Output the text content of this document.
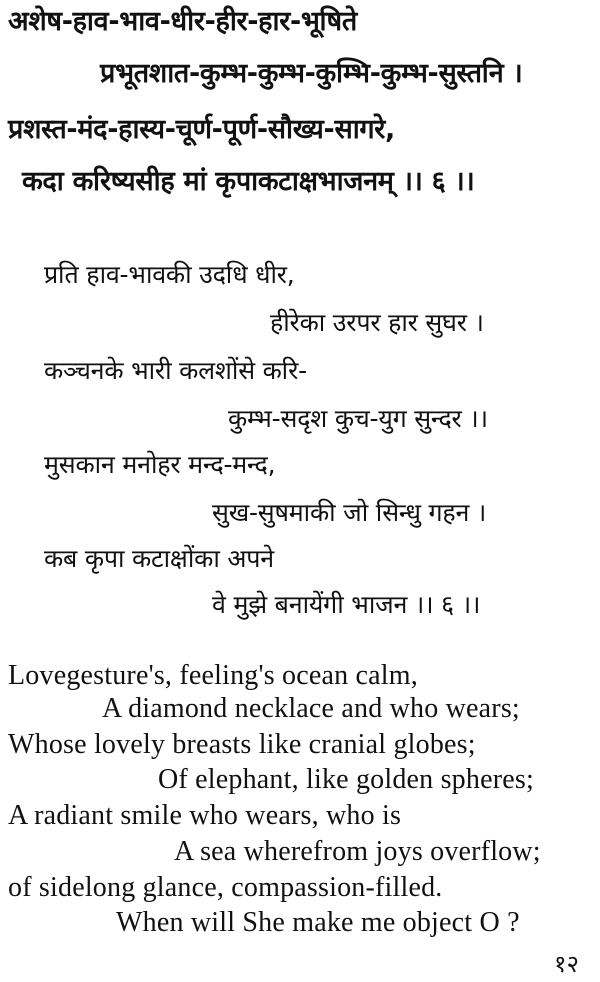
अशेष-हाव-भाव-धीर-हीर-हार-भूषिते
प्रभूतशात-कुम्भ-कुम्भ-कुम्भि-कुम्भ-सुस्तनि ।
प्रशस्त-मंद-हास्य-चूर्ण-पूर्ण-सौख्य-सागरे,
कदा करिष्यसीह मां कृपाकटाक्षभाजनम् ।। ६ ।।
प्रति हाव-भावकी उदधि धीर,
हीरेका उरपर हार सुघर ।
कञ्चनके भारी कलशोंसे करि-
कुम्भ-सदृश कुच-युग सुन्दर ।।
मुसकान मनोहर मन्द-मन्द,
सुख-सुषमाकी जो सिन्धु गहन ।
कब कृपा कटाक्षोंका अपने
वे मुझे बनायेंगी भाजन ।। ६ ।।
Lovegesture's, feeling's ocean calm,
A diamond necklace and who wears;
Whose lovely breasts like cranial globes;
Of elephant, like golden spheres;
A radiant smile who wears, who is
A sea wherefrom joys overflow;
of sidelong glance, compassion-filled.
When will She make me object O ?
१२
